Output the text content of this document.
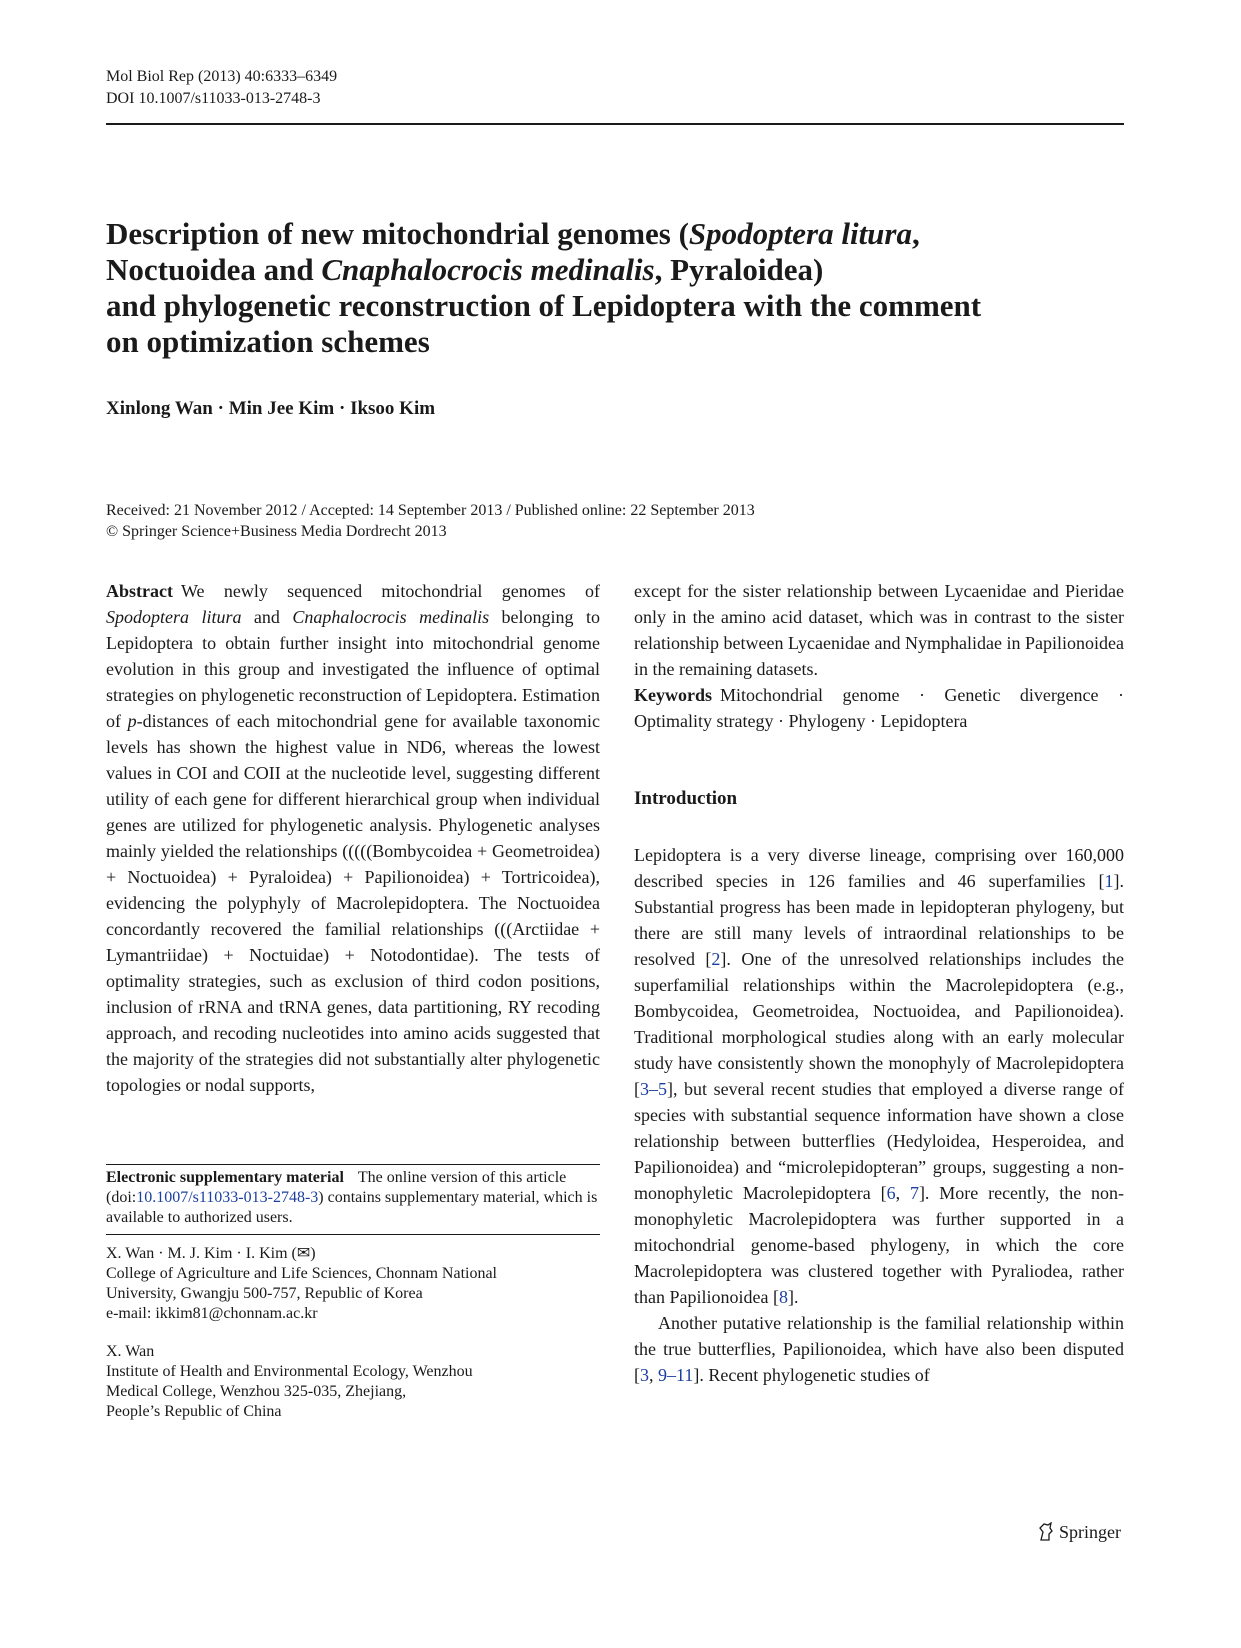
Mol Biol Rep (2013) 40:6333–6349
DOI 10.1007/s11033-013-2748-3
Description of new mitochondrial genomes (Spodoptera litura,
Noctuoidea and Cnaphalocrocis medinalis, Pyraloidea)
and phylogenetic reconstruction of Lepidoptera with the comment
on optimization schemes
Xinlong Wan · Min Jee Kim · Iksoo Kim
Received: 21 November 2012 / Accepted: 14 September 2013 / Published online: 22 September 2013
© Springer Science+Business Media Dordrecht 2013

Abstract We newly sequenced mitochondrial genomes of Spodoptera litura and Cnaphalocrocis medinalis belonging to Lepidoptera to obtain further insight into mitochondrial genome evolution in this group and investigated the influence of optimal strategies on phylogenetic reconstruction of Lepidoptera. Estimation of p-distances of each mitochondrial gene for available taxonomic levels has shown the highest value in ND6, whereas the lowest values in COI and COII at the nucleotide level, suggesting different utility of each gene for different hierarchical group when individual genes are utilized for phylogenetic analysis. Phylogenetic analyses mainly yielded the relationships (((((Bombycoidea + Geometroidea) + Noctuoidea) + Pyraloidea) + Papilionoidea) + Tortricoidea), evidencing the polyphyly of Macrolepidoptera. The Noctuoidea concordantly recovered the familial relationships (((Arctiidae + Lymantriidae) + Noctuidae) + Notodontidae). The tests of optimality strategies, such as exclusion of third codon positions, inclusion of rRNA and tRNA genes, data partitioning, RY recoding approach, and recoding nucleotides into amino acids suggested that the majority of the strategies did not substantially alter phylogenetic topologies or nodal supports,

Electronic supplementary material The online version of this article (doi:10.1007/s11033-013-2748-3) contains supplementary material, which is available to authorized users.
X. Wan · M. J. Kim · I. Kim (✉)
College of Agriculture and Life Sciences, Chonnam National
University, Gwangju 500-757, Republic of Korea
e-mail: ikkim81@chonnam.ac.kr
X. Wan
Institute of Health and Environmental Ecology, Wenzhou
Medical College, Wenzhou 325-035, Zhejiang,
People’s Republic of China

except for the sister relationship between Lycaenidae and Pieridae only in the amino acid dataset, which was in contrast to the sister relationship between Lycaenidae and Nymphalidae in Papilionoidea in the remaining datasets.

Keywords Mitochondrial genome · Genetic divergence · Optimality strategy · Phylogeny · Lepidoptera

Introduction

Lepidoptera is a very diverse lineage, comprising over 160,000 described species in 126 families and 46 superfamilies [1]. Substantial progress has been made in lepidopteran phylogeny, but there are still many levels of intraordinal relationships to be resolved [2]. One of the unresolved relationships includes the superfamilial relationships within the Macrolepidoptera (e.g., Bombycoidea, Geometroidea, Noctuoidea, and Papilionoidea). Traditional morphological studies along with an early molecular study have consistently shown the monophyly of Macrolepidoptera [3–5], but several recent studies that employed a diverse range of species with substantial sequence information have shown a close relationship between butterflies (Hedyloidea, Hesperoidea, and Papilionoidea) and “microlepidopteran” groups, suggesting a non-monophyletic Macrolepidoptera [6, 7]. More recently, the non-monophyletic Macrolepidoptera was further supported in a mitochondrial genome-based phylogeny, in which the core Macrolepidoptera was clustered together with Pyraliodea, rather than Papilionoidea [8].

Another putative relationship is the familial relationship within the true butterflies, Papilionoidea, which have also been disputed [3, 9–11]. Recent phylogenetic studies of

Springer
